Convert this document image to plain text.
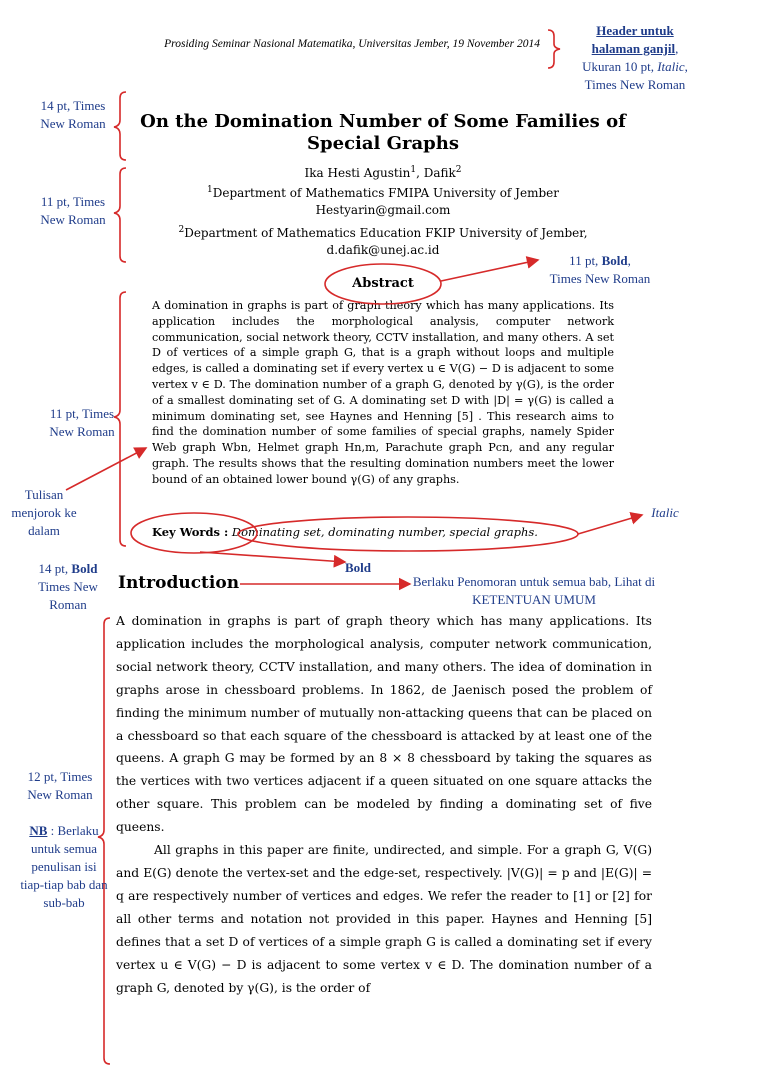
Prosiding Seminar Nasional Matematika, Universitas Jember, 19 November 2014
On the Domination Number of Some Families of
Special Graphs
Ika Hesti Agustin$^1$, Dafik$^2$
$^1$Department of Mathematics FMIPA University of Jember
Hestyarin@gmail.com
$^2$Department of Mathematics Education FKIP University of Jember,
d.dafik@unej.ac.id
Abstract
A domination in graphs is part of graph theory which has many applications. Its application includes the morphological analysis, computer network communication, social network theory, CCTV installation, and many others. A set D of vertices of a simple graph G, that is a graph without loops and multiple edges, is called a dominating set if every vertex u ∈ V(G) − D is adjacent to some vertex v ∈ D. The domination number of a graph G, denoted by γ(G), is the order of a smallest dominating set of G. A dominating set D with |D| = γ(G) is called a minimum dominating set, see Haynes and Henning [5] . This research aims to find the domination number of some families of special graphs, namely Spider Web graph Wbn, Helmet graph Hn,m, Parachute graph Pcn, and any regular graph. The results shows that the resulting domination numbers meet the lower bound of an obtained lower bound γ(G) of any graphs.
Key Words : Dominating set, dominating number, special graphs.
Introduction

A domination in graphs is part of graph theory which has many applications. Its application includes the morphological analysis, computer network communication, social network theory, CCTV installation, and many others. The idea of domination in graphs arose in chessboard problems. In 1862, de Jaenisch posed the problem of finding the minimum number of mutually non-attacking queens that can be placed on a chessboard so that each square of the chessboard is attacked by at least one of the queens. A graph G may be formed by an 8 × 8 chessboard by taking the squares as the vertices with two vertices adjacent if a queen situated on one square attacks the other square. This problem can be modeled by finding a dominating set of five queens.

All graphs in this paper are finite, undirected, and simple. For a graph G, V(G) and E(G) denote the vertex-set and the edge-set, respectively. |V(G)| = p and |E(G)| = q are respectively number of vertices and edges. We refer the reader to [1] or [2] for all other terms and notation not provided in this paper. Haynes and Henning [5] defines that a set D of vertices of a simple graph G is called a dominating set if every vertex u ∈ V(G) − D is adjacent to some vertex v ∈ D. The domination number of a graph G, denoted by γ(G), is the order of

Header untuk
halaman ganjil,
Ukuran 10 pt, Italic,
Times New Roman
14 pt, Times New Roman
11 pt, Times New Roman
11 pt, Bold,
Times New Roman
11 pt, Times New Roman
Tulisan menjorok ke dalam
Italic
Bold
14 pt, Bold
Times New Roman
Berlaku Penomoran untuk semua bab, Lihat di KETENTUAN UMUM
12 pt, Times New Roman
NB : Berlaku untuk semua penulisan isi tiap-tiap bab dan sub-bab
